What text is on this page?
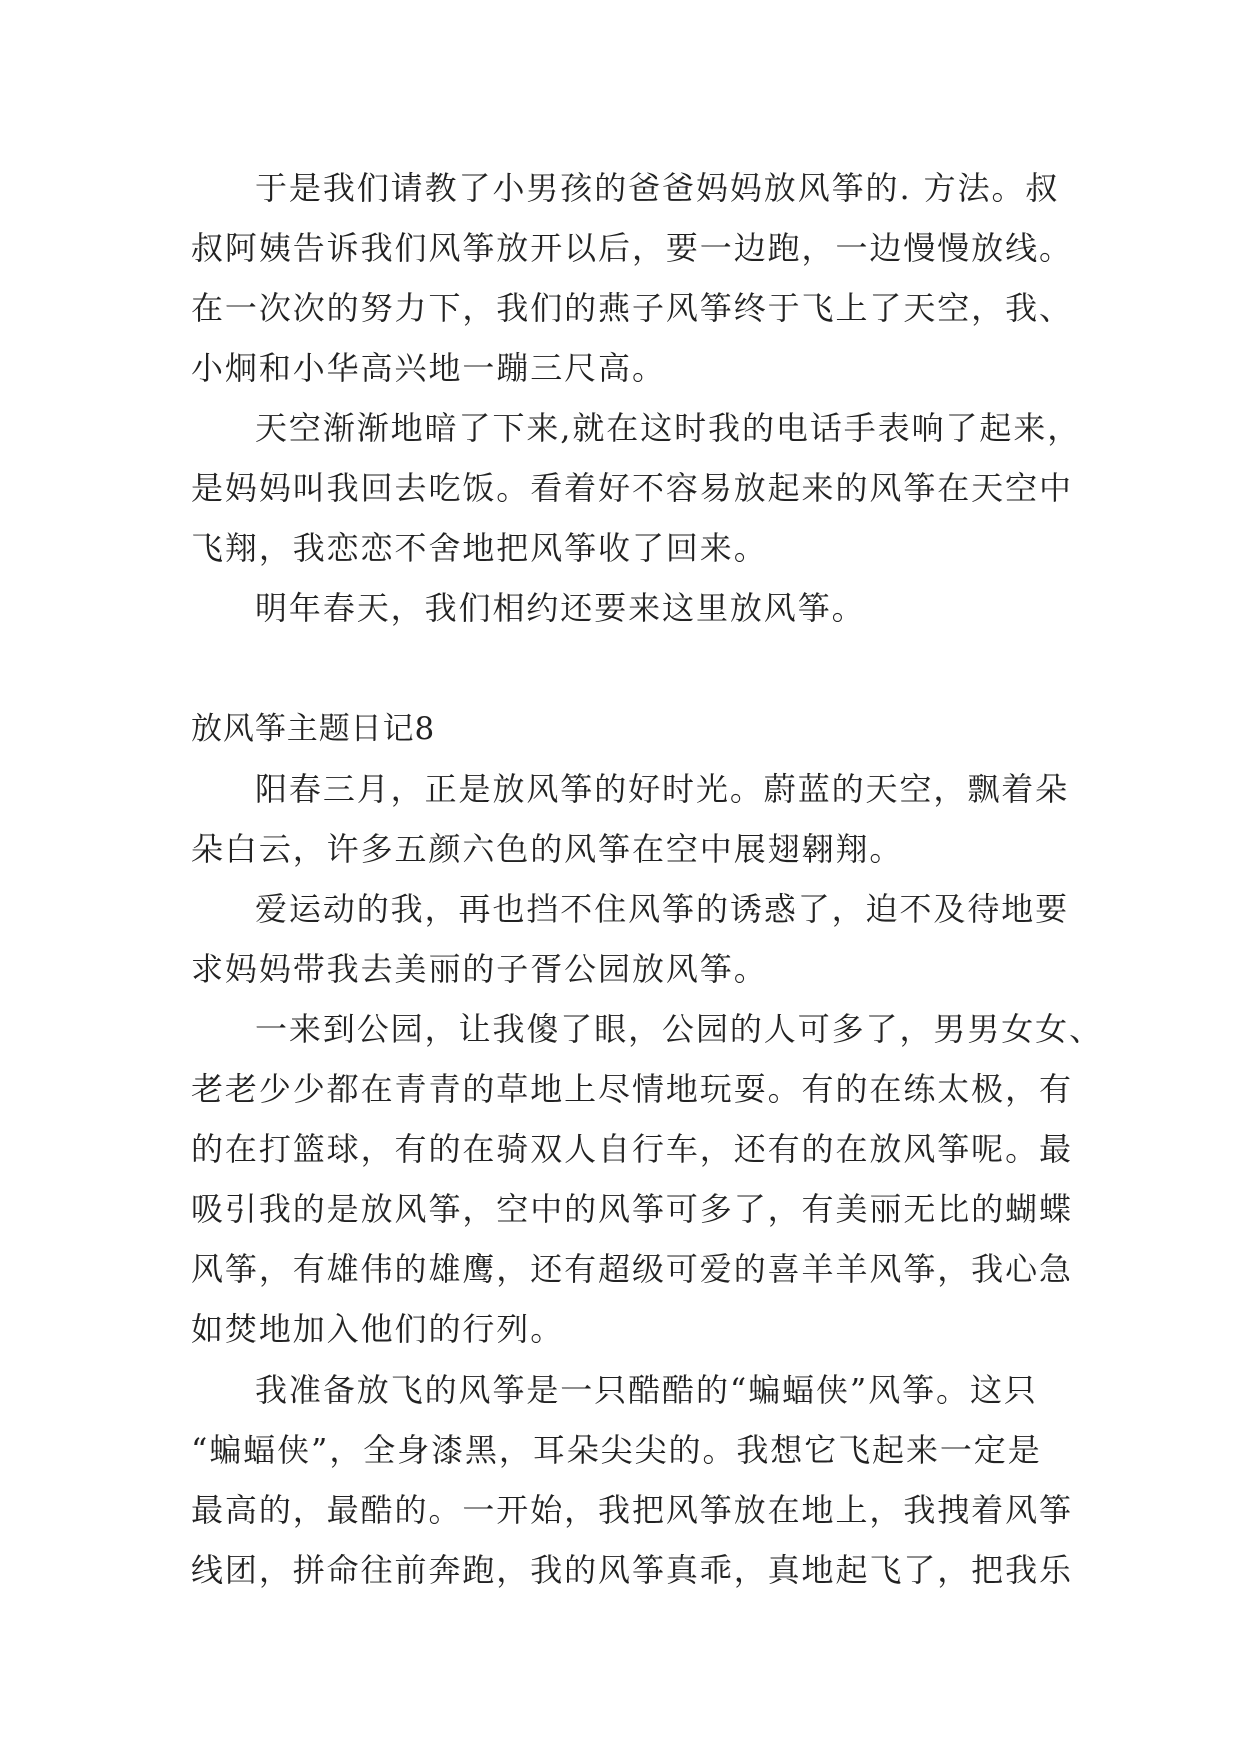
于是我们请教了小男孩的爸爸妈妈放风筝的. 方法。叔
叔阿姨告诉我们风筝放开以后，要一边跑，一边慢慢放线。
在一次次的努力下，我们的燕子风筝终于飞上了天空，我、
小炯和小华高兴地一蹦三尺高。
天空渐渐地暗了下来,就在这时我的电话手表响了起来，
是妈妈叫我回去吃饭。看着好不容易放起来的风筝在天空中
飞翔，我恋恋不舍地把风筝收了回来。
明年春天，我们相约还要来这里放风筝。
放风筝主题日记8
阳春三月，正是放风筝的好时光。蔚蓝的天空，飘着朵
朵白云，许多五颜六色的风筝在空中展翅翱翔。
爱运动的我，再也挡不住风筝的诱惑了，迫不及待地要
求妈妈带我去美丽的子胥公园放风筝。
一来到公园，让我傻了眼，公园的人可多了，男男女女、
老老少少都在青青的草地上尽情地玩耍。有的在练太极，有
的在打篮球，有的在骑双人自行车，还有的在放风筝呢。最
吸引我的是放风筝，空中的风筝可多了，有美丽无比的蝴蝶
风筝，有雄伟的雄鹰，还有超级可爱的喜羊羊风筝，我心急
如焚地加入他们的行列。
我准备放飞的风筝是一只酷酷的“蝙蝠侠”风筝。这只
“蝙蝠侠”，全身漆黑，耳朵尖尖的。我想它飞起来一定是
最高的，最酷的。一开始，我把风筝放在地上，我拽着风筝
线团，拼命往前奔跑，我的风筝真乖，真地起飞了，把我乐
